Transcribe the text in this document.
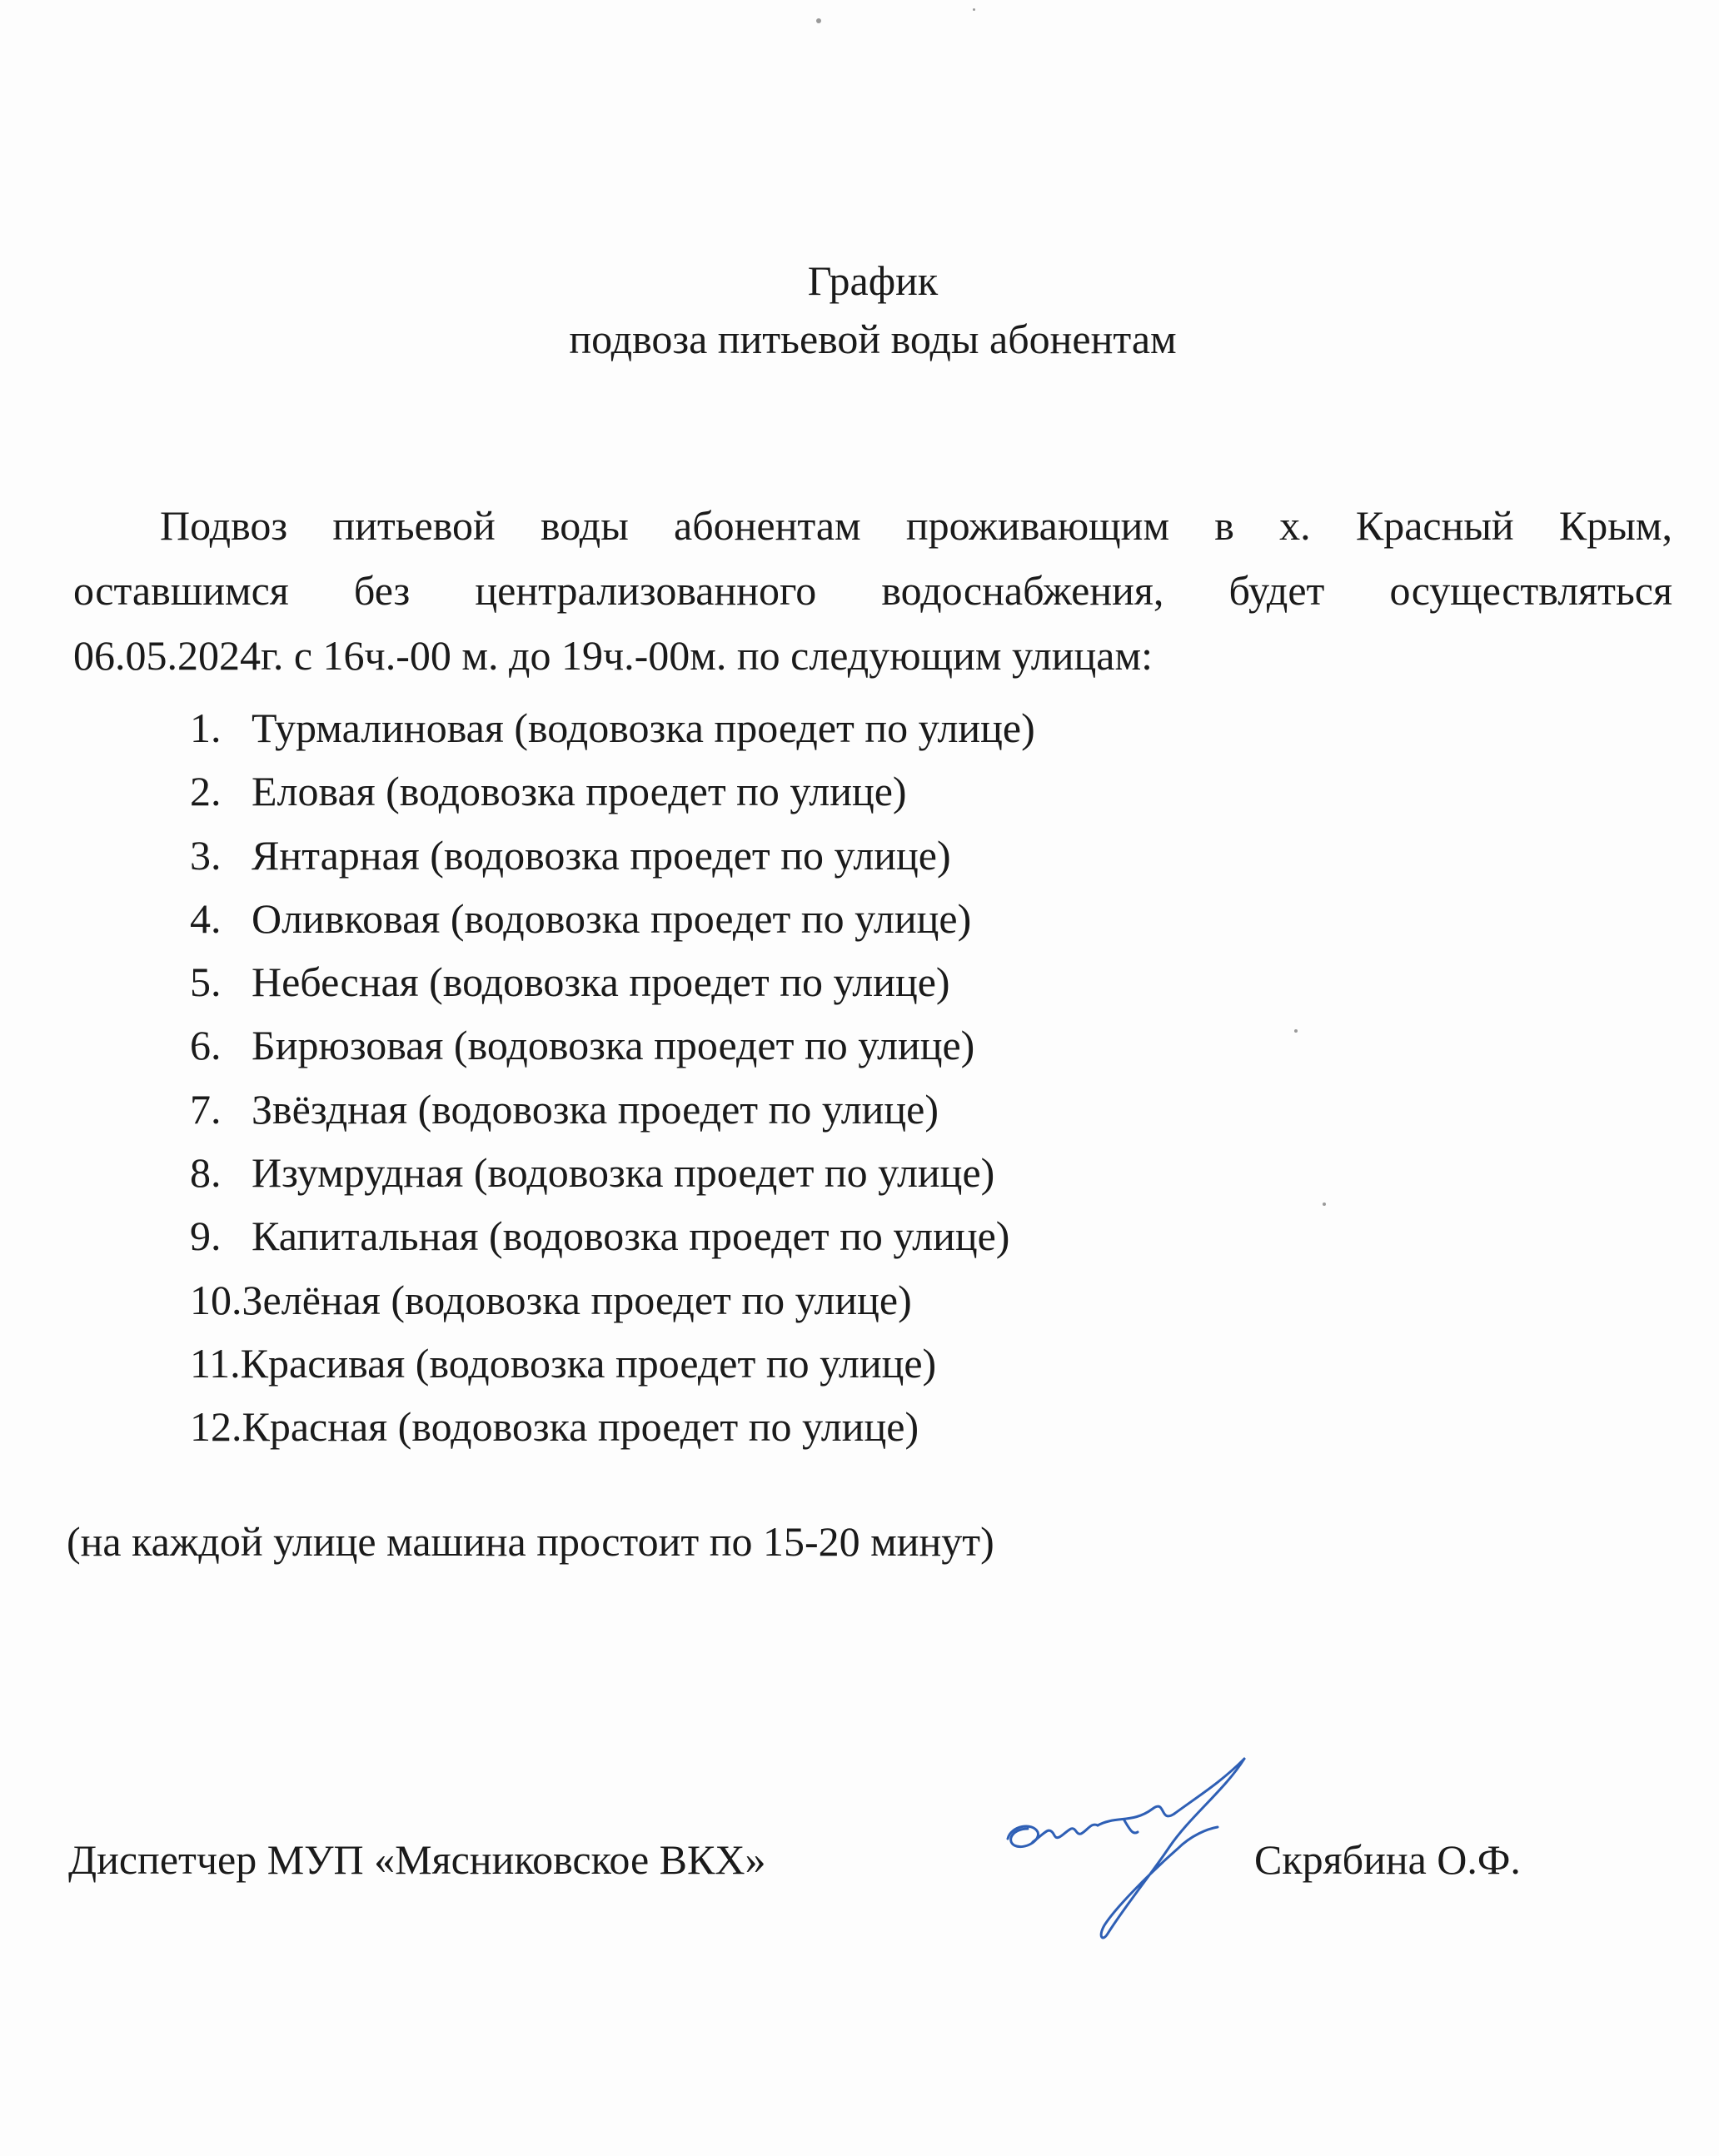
График
подвоза питьевой воды абонентам
Подвоз питьевой воды абонентам проживающим в х. Красный Крым,
оставшимся без централизованного водоснабжения, будет осуществляться
06.05.2024г. с 16ч.-00 м. до 19ч.-00м. по следующим улицам:
1. Турмалиновая (водовозка проедет по улице)
2. Еловая (водовозка проедет по улице)
3. Янтарная (водовозка проедет по улице)
4. Оливковая (водовозка проедет по улице)
5. Небесная (водовозка проедет по улице)
6. Бирюзовая (водовозка проедет по улице)
7. Звёздная (водовозка проедет по улице)
8. Изумрудная (водовозка проедет по улице)
9. Капитальная (водовозка проедет по улице)
10. Зелёная (водовозка проедет по улице)
11. Красивая (водовозка проедет по улице)
12. Красная (водовозка проедет по улице)
(на каждой улице машина простоит по 15-20 минут)
Диспетчер МУП «Мясниковское ВКХ»	Скрябина О.Ф.
